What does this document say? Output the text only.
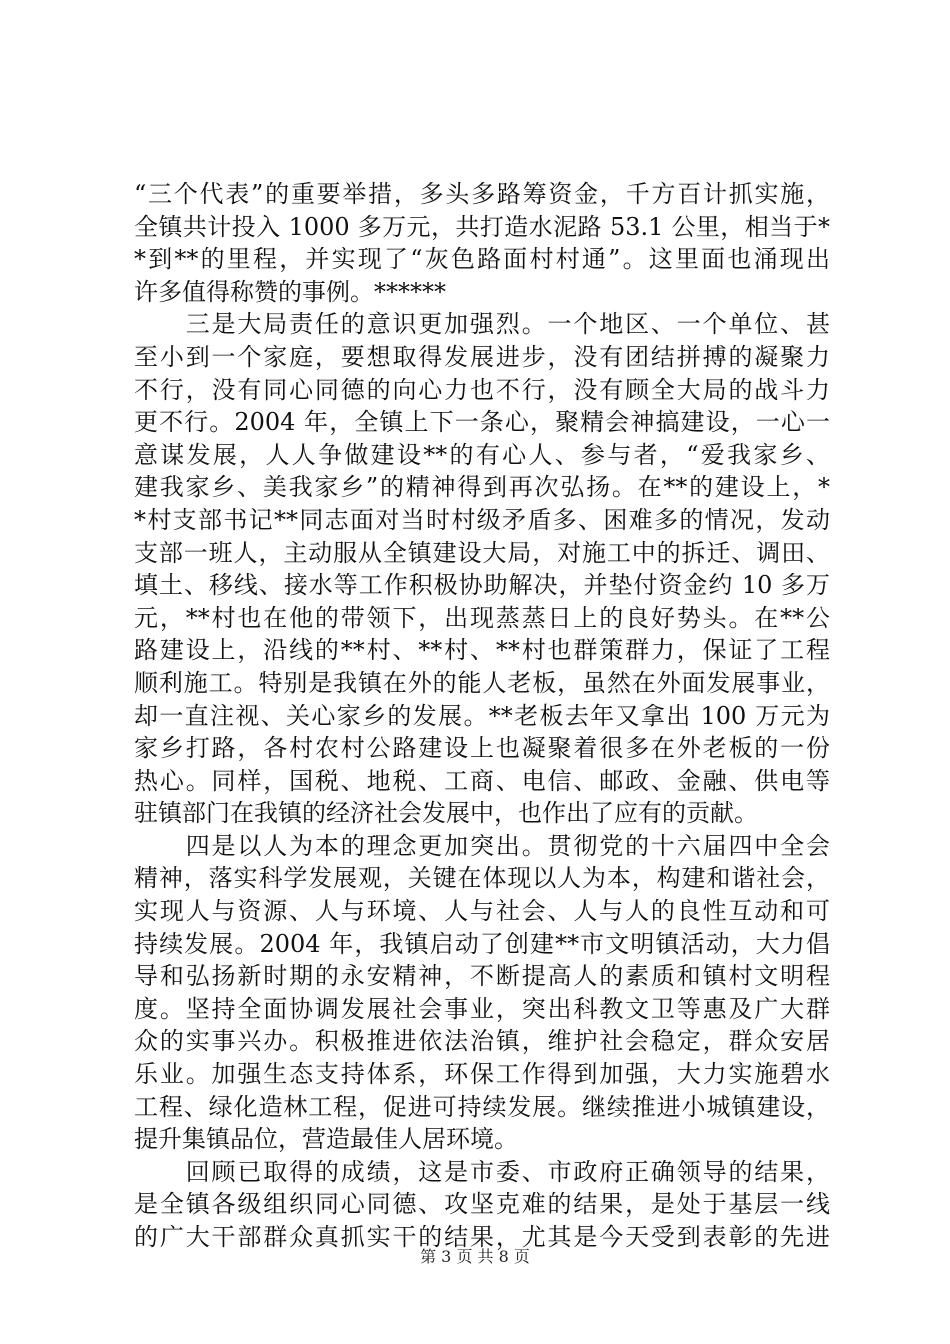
“三个代表”的重要举措，多头多路筹资金，千方百计抓实施，
全镇共计投入 1000 多万元，共打造水泥路 53.1 公里，相当于*
*到**的里程，并实现了“灰色路面村村通”。这里面也涌现出
许多值得称赞的事例。******
　　三是大局责任的意识更加强烈。一个地区、一个单位、甚
至小到一个家庭，要想取得发展进步，没有团结拼搏的凝聚力
不行，没有同心同德的向心力也不行，没有顾全大局的战斗力
更不行。2004 年，全镇上下一条心，聚精会神搞建设，一心一
意谋发展，人人争做建设**的有心人、参与者，“爱我家乡、
建我家乡、美我家乡”的精神得到再次弘扬。在**的建设上，*
*村支部书记**同志面对当时村级矛盾多、困难多的情况，发动
支部一班人，主动服从全镇建设大局，对施工中的拆迁、调田、
填土、移线、接水等工作积极协助解决，并垫付资金约 10 多万
元，**村也在他的带领下，出现蒸蒸日上的良好势头。在**公
路建设上，沿线的**村、**村、**村也群策群力，保证了工程
顺利施工。特别是我镇在外的能人老板，虽然在外面发展事业，
却一直注视、关心家乡的发展。**老板去年又拿出 100 万元为
家乡打路，各村农村公路建设上也凝聚着很多在外老板的一份
热心。同样，国税、地税、工商、电信、邮政、金融、供电等
驻镇部门在我镇的经济社会发展中，也作出了应有的贡献。
　　四是以人为本的理念更加突出。贯彻党的十六届四中全会
精神，落实科学发展观，关键在体现以人为本，构建和谐社会，
实现人与资源、人与环境、人与社会、人与人的良性互动和可
持续发展。2004 年，我镇启动了创建**市文明镇活动，大力倡
导和弘扬新时期的永安精神，不断提高人的素质和镇村文明程
度。坚持全面协调发展社会事业，突出科教文卫等惠及广大群
众的实事兴办。积极推进依法治镇，维护社会稳定，群众安居
乐业。加强生态支持体系，环保工作得到加强，大力实施碧水
工程、绿化造林工程，促进可持续发展。继续推进小城镇建设，
提升集镇品位，营造最佳人居环境。
　　回顾已取得的成绩，这是市委、市政府正确领导的结果，
是全镇各级组织同心同德、攻坚克难的结果，是处于基层一线
的广大干部群众真抓实干的结果，尤其是今天受到表彰的先进
第 3 页 共 8 页
